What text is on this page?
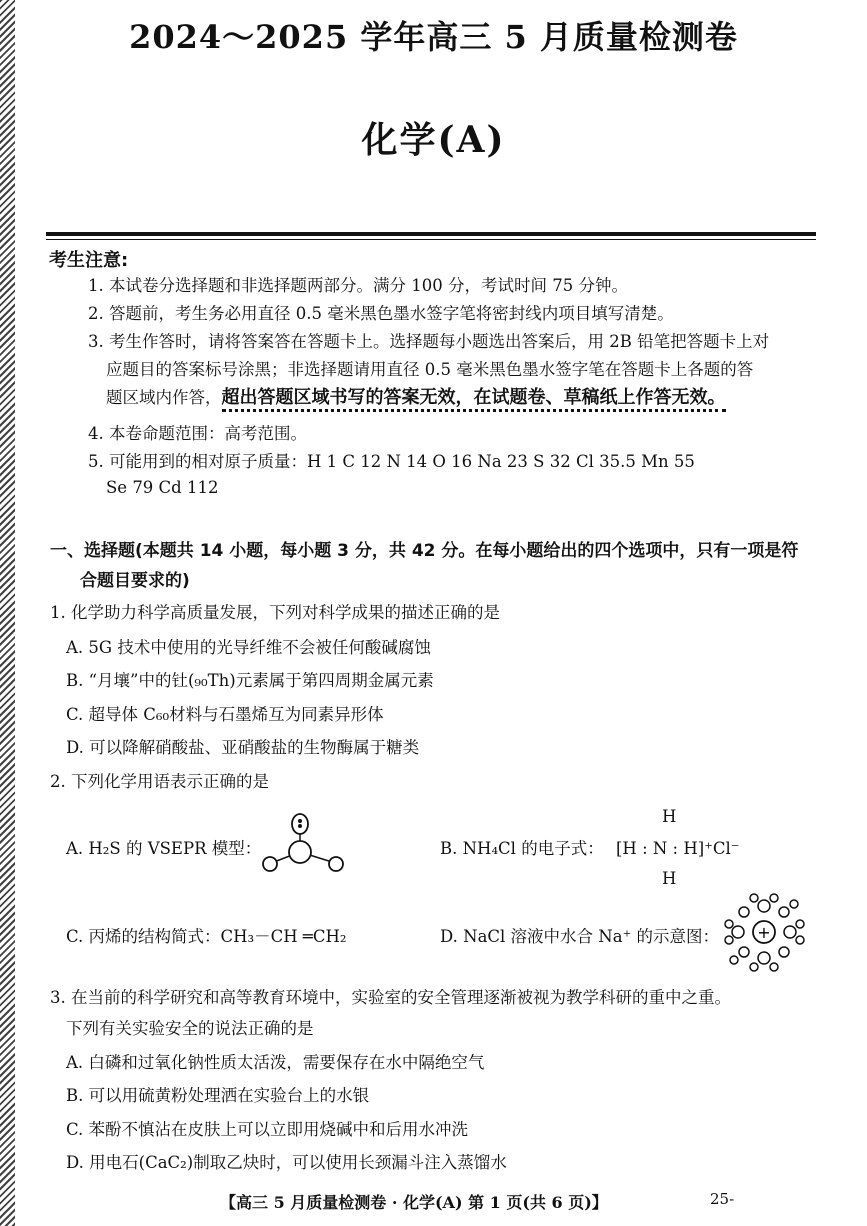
2024～2025 学年高三 5 月质量检测卷
化学(A)
考生注意:
1. 本试卷分选择题和非选择题两部分。满分 100 分，考试时间 75 分钟。
2. 答题前，考生务必用直径 0.5 毫米黑色墨水签字笔将密封线内项目填写清楚。
3. 考生作答时，请将答案答在答题卡上。选择题每小题选出答案后，用 2B 铅笔把答题卡上对
应题目的答案标号涂黑；非选择题请用直径 0.5 毫米黑色墨水签字笔在答题卡上各题的答
题区域内作答，超出答题区域书写的答案无效，在试题卷、草稿纸上作答无效。
4. 本卷命题范围：高考范围。
5. 可能用到的相对原子质量：H 1 C 12 N 14 O 16 Na 23 S 32 Cl 35.5 Mn 55
Se 79 Cd 112
一、选择题(本题共 14 小题，每小题 3 分，共 42 分。在每小题给出的四个选项中，只有一项是符
合题目要求的)
1. 化学助力科学高质量发展，下列对科学成果的描述正确的是
A. 5G 技术中使用的光导纤维不会被任何酸碱腐蚀
B. “月壤”中的钍(₉₀Th)元素属于第四周期金属元素
C. 超导体 C₆₀材料与石墨烯互为同素异形体
D. 可以降解硝酸盐、亚硝酸盐的生物酶属于糖类
2. 下列化学用语表示正确的是
A. H₂S 的 VSEPR 模型：	B. NH₄Cl 的电子式：
H
[H : N : H]⁺Cl⁻
H
C. 丙烯的结构简式：CH₃－CH ═CH₂	D. NaCl 溶液中水合 Na⁺ 的示意图： +
3. 在当前的科学研究和高等教育环境中，实验室的安全管理逐渐被视为教学科研的重中之重。
下列有关实验安全的说法正确的是
A. 白磷和过氧化钠性质太活泼，需要保存在水中隔绝空气
B. 可以用硫黄粉处理洒在实验台上的水银
C. 苯酚不慎沾在皮肤上可以立即用烧碱中和后用水冲洗
D. 用电石(CaC₂)制取乙炔时，可以使用长颈漏斗注入蒸馏水
【高三 5 月质量检测卷 · 化学(A) 第 1 页(共 6 页)】	25-
